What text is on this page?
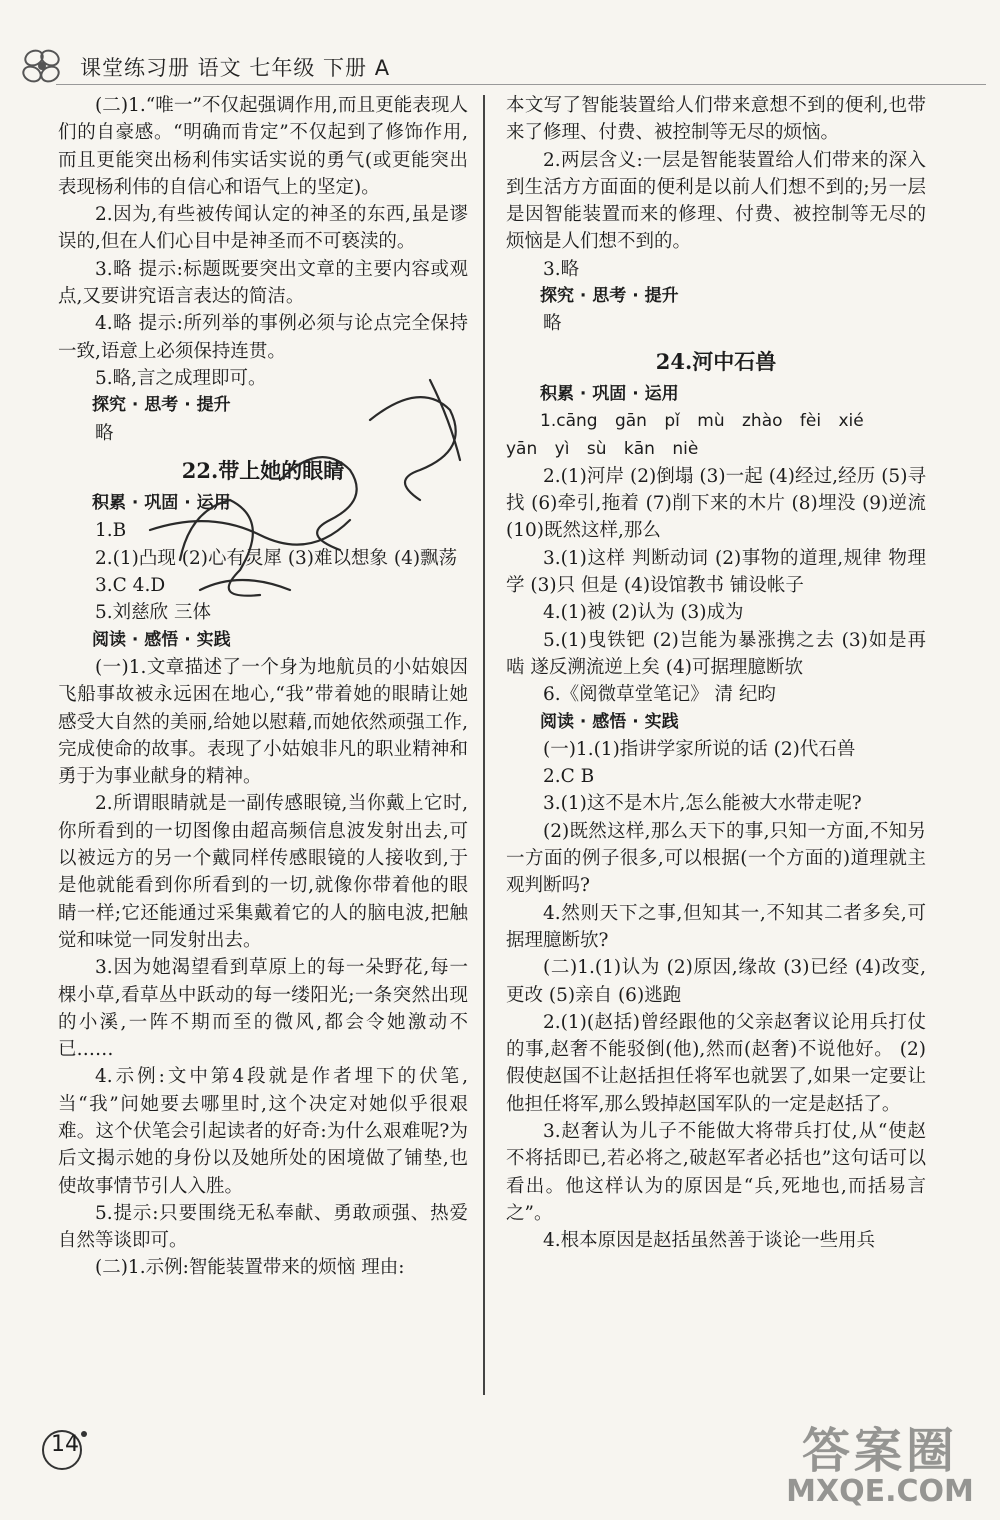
课堂练习册 语文 七年级 下册 A

(二)1.“唯一”不仅起强调作用,而且更能表现人们的自豪感。“明确而肯定”不仅起到了修饰作用,而且更能突出杨利伟实话实说的勇气(或更能突出表现杨利伟的自信心和语气上的坚定)。

2.因为,有些被传闻认定的神圣的东西,虽是谬误的,但在人们心目中是神圣而不可亵渎的。

3.略 提示:标题既要突出文章的主要内容或观点,又要讲究语言表达的简洁。

4.略 提示:所列举的事例必须与论点完全保持一致,语意上必须保持连贯。

5.略,言之成理即可。

探究 · 思考 · 提升

略

22.带上她的眼睛

积累 · 巩固 · 运用

1.B

2.(1)凸现 (2)心有灵犀 (3)难以想象 (4)飘荡

3.C 4.D

5.刘慈欣 三体

阅读 · 感悟 · 实践

(一)1.文章描述了一个身为地航员的小姑娘因飞船事故被永远困在地心,“我”带着她的眼睛让她感受大自然的美丽,给她以慰藉,而她依然顽强工作,完成使命的故事。表现了小姑娘非凡的职业精神和勇于为事业献身的精神。

2.所谓眼睛就是一副传感眼镜,当你戴上它时,你所看到的一切图像由超高频信息波发射出去,可以被远方的另一个戴同样传感眼镜的人接收到,于是他就能看到你所看到的一切,就像你带着他的眼睛一样;它还能通过采集戴着它的人的脑电波,把触觉和味觉一同发射出去。

3.因为她渴望看到草原上的每一朵野花,每一棵小草,看草丛中跃动的每一缕阳光;一条突然出现的小溪,一阵不期而至的微风,都会令她激动不已……

4.示例:文中第4段就是作者埋下的伏笔,当“我”问她要去哪里时,这个决定对她似乎很艰难。这个伏笔会引起读者的好奇:为什么艰难呢?为后文揭示她的身份以及她所处的困境做了铺垫,也使故事情节引人入胜。

5.提示:只要围绕无私奉献、勇敢顽强、热爱自然等谈即可。

(二)1.示例:智能装置带来的烦恼 理由:

本文写了智能装置给人们带来意想不到的便利,也带来了修理、付费、被控制等无尽的烦恼。

2.两层含义:一层是智能装置给人们带来的深入到生活方方面面的便利是以前人们想不到的;另一层是因智能装置而来的修理、付费、被控制等无尽的烦恼是人们想不到的。

3.略

探究 · 思考 · 提升

略

24.河中石兽

积累 · 巩固 · 运用

1.cāng gān pǐ mù zhào fèi xié

yān yì sù kān niè

2.(1)河岸 (2)倒塌 (3)一起 (4)经过,经历 (5)寻找 (6)牵引,拖着 (7)削下来的木片 (8)埋没 (9)逆流 (10)既然这样,那么

3.(1)这样 判断动词 (2)事物的道理,规律 物理学 (3)只 但是 (4)设馆教书 铺设帐子

4.(1)被 (2)认为 (3)成为

5.(1)曳铁钯 (2)岂能为暴涨携之去 (3)如是再啮 遂反溯流逆上矣 (4)可据理臆断欤

6.《阅微草堂笔记》 清 纪昀

阅读 · 感悟 · 实践

(一)1.(1)指讲学家所说的话 (2)代石兽

2.C B

3.(1)这不是木片,怎么能被大水带走呢?

(2)既然这样,那么天下的事,只知一方面,不知另一方面的例子很多,可以根据(一个方面的)道理就主观判断吗?

4.然则天下之事,但知其一,不知其二者多矣,可据理臆断欤?

(二)1.(1)认为 (2)原因,缘故 (3)已经 (4)改变,更改 (5)亲自 (6)逃跑

2.(1)(赵括)曾经跟他的父亲赵奢议论用兵打仗的事,赵奢不能驳倒(他),然而(赵奢)不说他好。 (2)假使赵国不让赵括担任将军也就罢了,如果一定要让他担任将军,那么毁掉赵国军队的一定是赵括了。

3.赵奢认为儿子不能做大将带兵打仗,从“使赵不将括即已,若必将之,破赵军者必括也”这句话可以看出。他这样认为的原因是“兵,死地也,而括易言之”。

4.根本原因是赵括虽然善于谈论一些用兵

14	答案圈
MXQE.COM
